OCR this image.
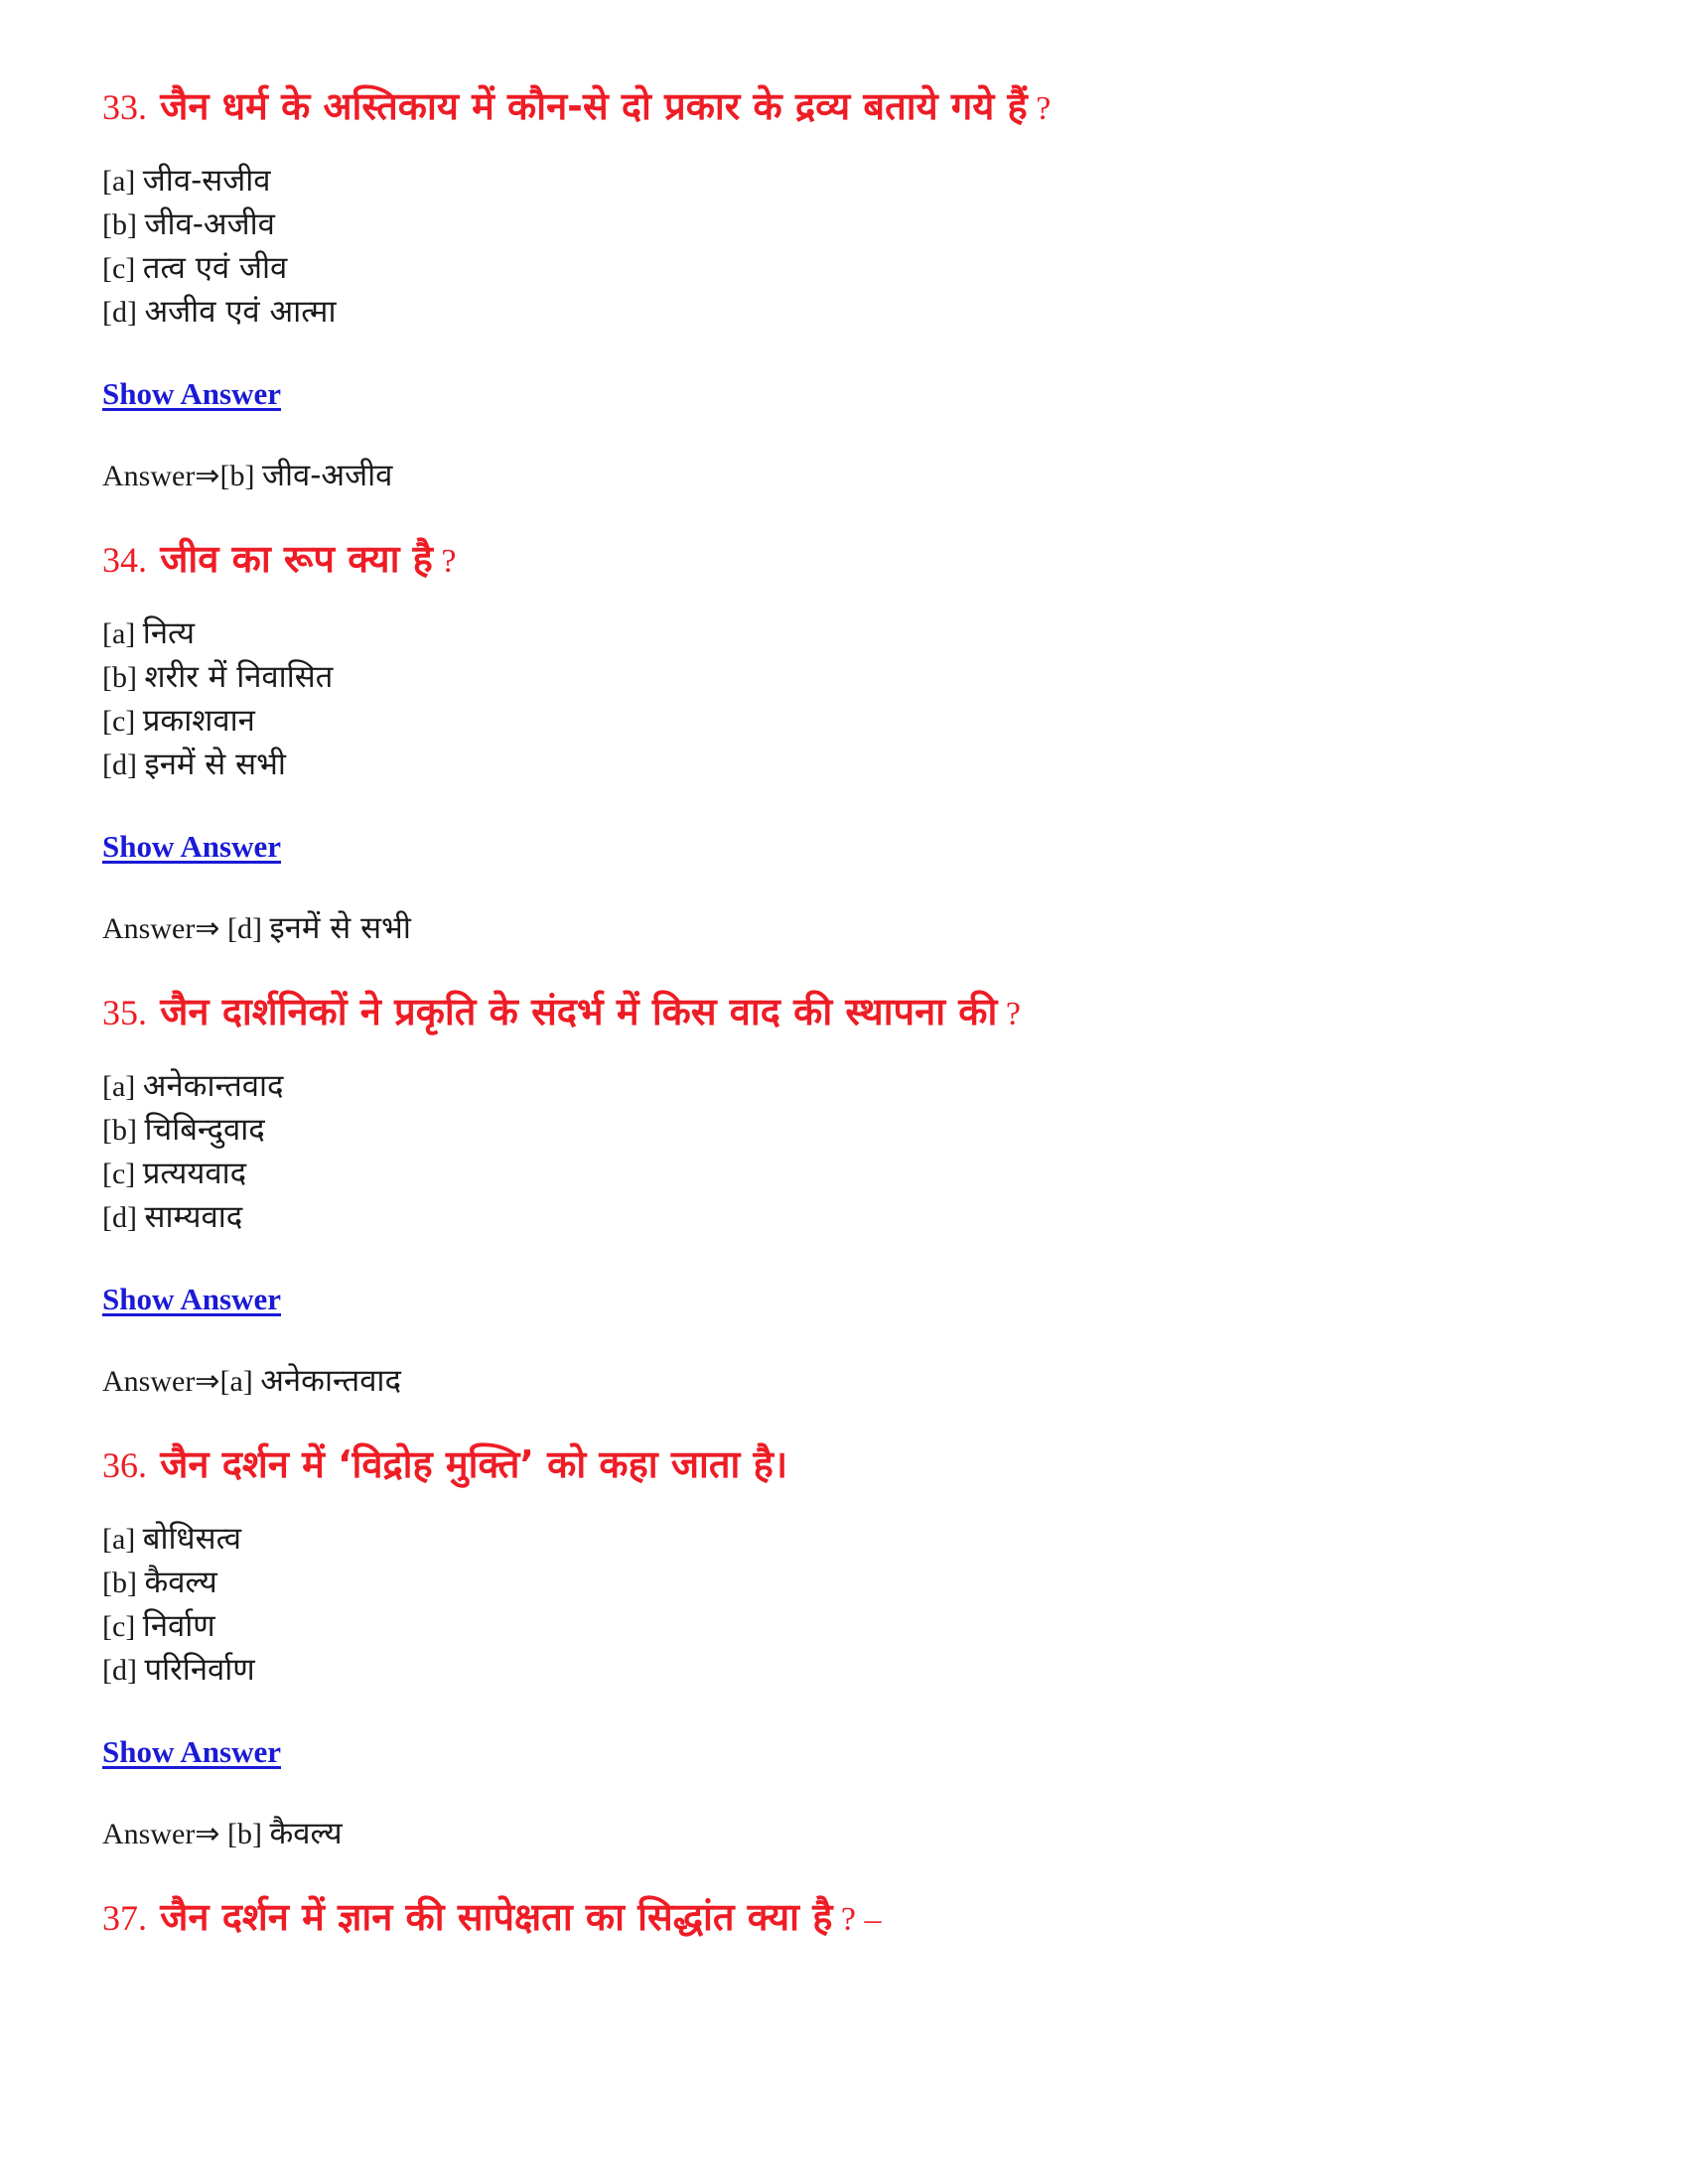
33. जैन धर्म के अस्तिकाय में कौन-से दो प्रकार के द्रव्य बताये गये हैं ?
[a] जीव-सजीव
[b] जीव-अजीव
[c] तत्व एवं जीव
[d] अजीव एवं आत्मा
Show Answer
Answer⇒[b] जीव-अजीव
34. जीव का रूप क्या है ?
[a] नित्य
[b] शरीर में निवासित
[c] प्रकाशवान
[d] इनमें से सभी
Show Answer
Answer⇒ [d] इनमें से सभी
35. जैन दार्शनिकों ने प्रकृति के संदर्भ में किस वाद की स्थापना की ?
[a] अनेकान्तवाद
[b] चिबिन्दुवाद
[c] प्रत्ययवाद
[d] साम्यवाद
Show Answer
Answer⇒[a] अनेकान्तवाद
36. जैन दर्शन में ‘विद्रोह मुक्ति’ को कहा जाता है।
[a] बोधिसत्व
[b] कैवल्य
[c] निर्वाण
[d] परिनिर्वाण
Show Answer
Answer⇒ [b] कैवल्य
37. जैन दर्शन में ज्ञान की सापेक्षता का सिद्धांत क्या है ? –
